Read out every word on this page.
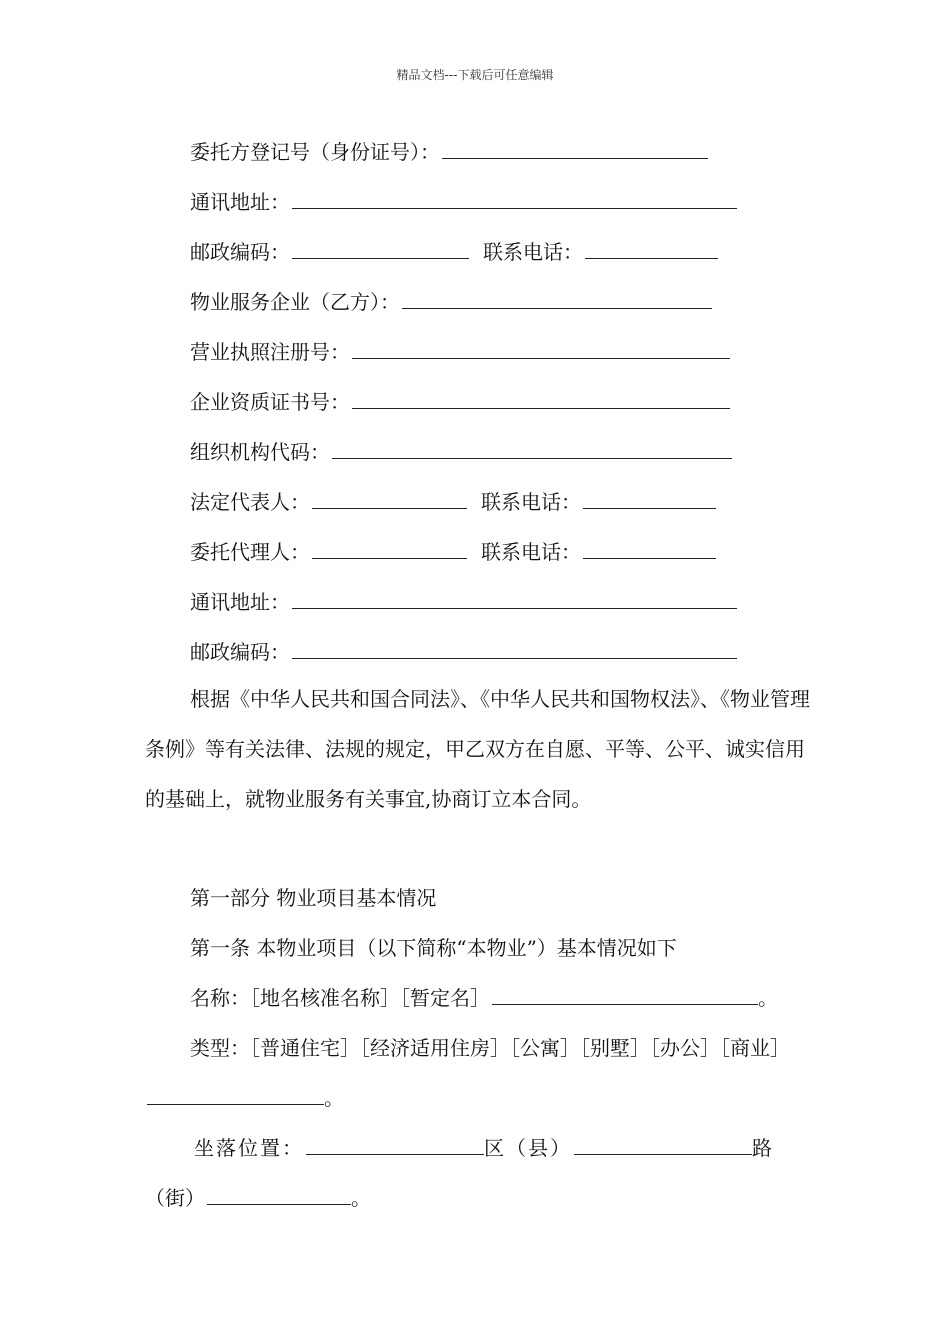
精品文档---下载后可任意编辑
委托方登记号（身份证号）：
通讯地址：
邮政编码：	联系电话：
物业服务企业（乙方）：
营业执照注册号：
企业资质证书号：
组织机构代码：
法定代表人：	联系电话：
委托代理人：	联系电话：
通讯地址：
邮政编码：
根据《中华人民共和国合同法》、《中华人民共和国物权法》、《物业管理条例》等有关法律、法规的规定，甲乙双方在自愿、平等、公平、诚实信用的基础上，就物业服务有关事宜,协商订立本合同。
第一部分 物业项目基本情况
第一条 本物业项目（以下简称“本物业”）基本情况如下
名称：［地名核准名称］［暂定名］	。
类型：［普通住宅］［经济适用住房］［公寓］［别墅］［办公］［商业］
。
坐落位置：	区（县）	路
（街）	。
